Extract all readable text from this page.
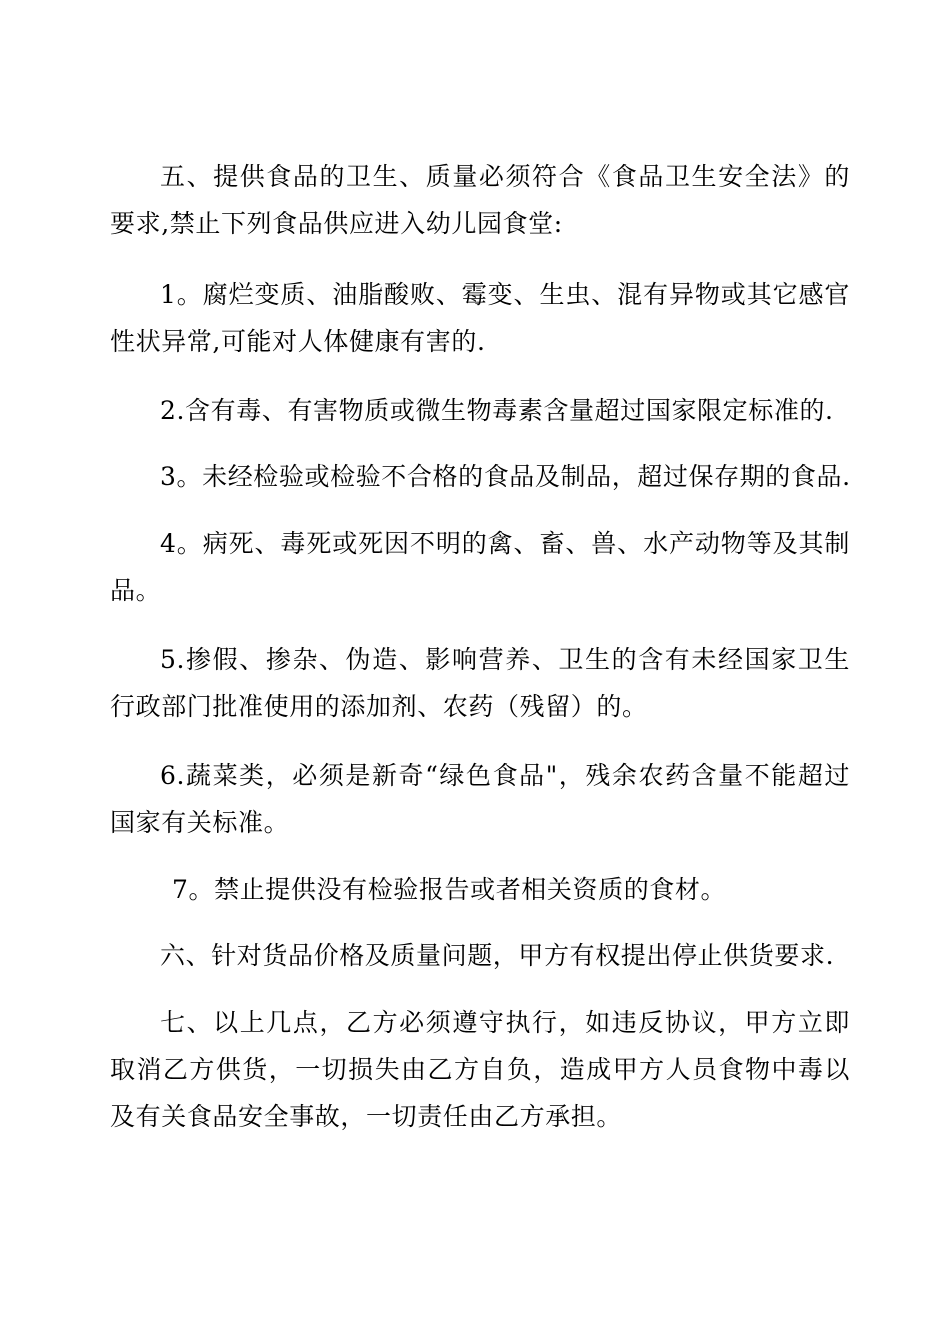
五、提供食品的卫生、质量必须符合《食品卫生安全法》的要求,禁止下列食品供应进入幼儿园食堂:

1。腐烂变质、油脂酸败、霉变、生虫、混有异物或其它感官性状异常,可能对人体健康有害的.

2.含有毒、有害物质或微生物毒素含量超过国家限定标准的.

3。未经检验或检验不合格的食品及制品，超过保存期的食品.

4。病死、毒死或死因不明的禽、畜、兽、水产动物等及其制品。

5.掺假、掺杂、伪造、影响营养、卫生的含有未经国家卫生行政部门批准使用的添加剂、农药（残留）的。

6.蔬菜类，必须是新奇“绿色食品"，残余农药含量不能超过国家有关标准。

7。禁止提供没有检验报告或者相关资质的食材。

六、针对货品价格及质量问题，甲方有权提出停止供货要求.

七、以上几点，乙方必须遵守执行，如违反协议，甲方立即取消乙方供货，一切损失由乙方自负，造成甲方人员食物中毒以及有关食品安全事故，一切责任由乙方承担。
